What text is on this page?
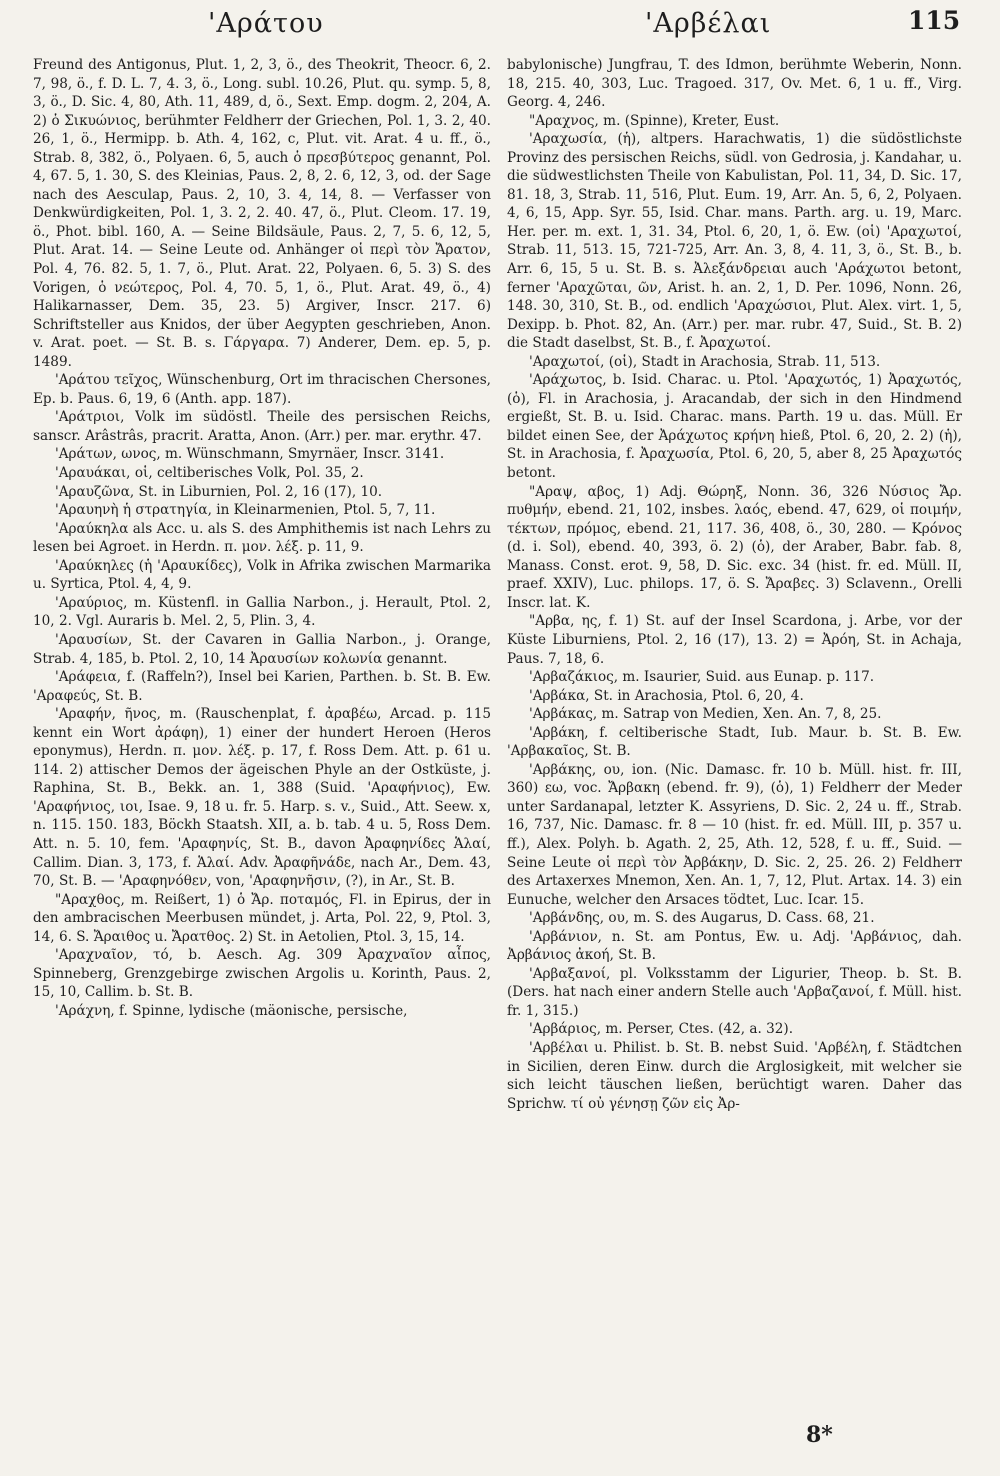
'Αράτου	'Αρβέλαι	115

Freund des Antigonus, Plut. 1, 2, 3, ö., des Theokrit, Theocr. 6, 2. 7, 98, ö., f. D. L. 7, 4. 3, ö., Long. subl. 10.26, Plut. qu. symp. 5, 8, 3, ö., D. Sic. 4, 80, Ath. 11, 489, d, ö., Sext. Emp. dogm. 2, 204, A. 2) ὁ Σικυώνιος, berühmter Feldherr der Griechen, Pol. 1, 3. 2, 40. 26, 1, ö., Hermipp. b. Ath. 4, 162, c, Plut. vit. Arat. 4 u. ff., ö., Strab. 8, 382, ö., Polyaen. 6, 5, auch ὁ πρεσβύτερος genannt, Pol. 4, 67. 5, 1. 30, S. des Kleinias, Paus. 2, 8, 2. 6, 12, 3, od. der Sage nach des Aesculap, Paus. 2, 10, 3. 4, 14, 8. — Verfasser von Denkwürdigkeiten, Pol. 1, 3. 2, 2. 40. 47, ö., Plut. Cleom. 17. 19, ö., Phot. bibl. 160, A. — Seine Bildsäule, Paus. 2, 7, 5. 6, 12, 5, Plut. Arat. 14. — Seine Leute od. Anhänger οἱ περὶ τὸν Ἄρατον, Pol. 4, 76. 82. 5, 1. 7, ö., Plut. Arat. 22, Polyaen. 6, 5. 3) S. des Vorigen, ὁ νεώτερος, Pol. 4, 70. 5, 1, ö., Plut. Arat. 49, ö., 4) Halikarnasser, Dem. 35, 23. 5) Argiver, Inscr. 217. 6) Schriftsteller aus Knidos, der über Aegypten geschrieben, Anon. v. Arat. poet. — St. B. s. Γάργαρα. 7) Anderer, Dem. ep. 5, p. 1489.

'Αράτου τεῖχος, Wünschenburg, Ort im thracischen Chersones, Ep. b. Paus. 6, 19, 6 (Anth. app. 187).

'Αράτριοι, Volk im südöstl. Theile des persischen Reichs, sanscr. Arâstrâs, pracrit. Aratta, Anon. (Arr.) per. mar. erythr. 47.

'Αράτων, ωνος, m. Wünschmann, Smyrnäer, Inscr. 3141.

'Αραυάκαι, οἱ, celtiberisches Volk, Pol. 35, 2.

'Αραυζῶνα, St. in Liburnien, Pol. 2, 16 (17), 10.

'Αραυηνὴ ἡ στρατηγία, in Kleinarmenien, Ptol. 5, 7, 11.

'Αραύκηλα als Acc. u. als S. des Amphithemis ist nach Lehrs zu lesen bei Agroet. in Herdn. π. μον. λέξ. p. 11, 9.

'Αραύκηλες (ἡ 'Αραυκίδες), Volk in Afrika zwischen Marmarika u. Syrtica, Ptol. 4, 4, 9.

'Αραύριος, m. Küstenfl. in Gallia Narbon., j. Herault, Ptol. 2, 10, 2. Vgl. Auraris b. Mel. 2, 5, Plin. 3, 4.

'Αραυσίων, St. der Cavaren in Gallia Narbon., j. Orange, Strab. 4, 185, b. Ptol. 2, 10, 14 Ἀραυσίων κολωνία genannt.

'Αράφεια, f. (Raffeln?), Insel bei Karien, Parthen. b. St. B. Ew. 'Αραφεύς, St. B.

'Αραφήν, ῆνος, m. (Rauschenplat, f. ἀραβέω, Arcad. p. 115 kennt ein Wort ἀράφη), 1) einer der hundert Heroen (Heros eponymus), Herdn. π. μον. λέξ. p. 17, f. Ross Dem. Att. p. 61 u. 114. 2) attischer Demos der ägeischen Phyle an der Ostküste, j. Raphina, St. B., Bekk. an. 1, 388 (Suid. 'Αραφήνιος), Ew. 'Αραφήνιος, ιοι, Isae. 9, 18 u. fr. 5. Harp. s. v., Suid., Att. Seew. x, n. 115. 150. 183, Böckh Staatsh. XII, a. b. tab. 4 u. 5, Ross Dem. Att. n. 5. 10, fem. 'Αραφηνίς, St. B., davon Ἀραφηνίδες Ἁλαί, Callim. Dian. 3, 173, f. Ἁλαί. Adv. Ἀραφῆνάδε, nach Ar., Dem. 43, 70, St. B. — 'Αραφηνόθεν, von, 'Αραφηνῆσιν, (?), in Ar., St. B.

"Αραχθος, m. Reißert, 1) ὁ Ἄρ. ποταμός, Fl. in Epirus, der in den ambracischen Meerbusen mündet, j. Arta, Pol. 22, 9, Ptol. 3, 14, 6. S. Ἄραιθος u. Ἄρατθος. 2) St. in Aetolien, Ptol. 3, 15, 14.

'Αραχναῖον, τό, b. Aesch. Ag. 309 Ἀραχναῖον αἶπος, Spinneberg, Grenzgebirge zwischen Argolis u. Korinth, Paus. 2, 15, 10, Callim. b. St. B.

'Αράχνη, f. Spinne, lydische (mäonische, persische,

babylonische) Jungfrau, T. des Idmon, berühmte Weberin, Nonn. 18, 215. 40, 303, Luc. Tragoed. 317, Ov. Met. 6, 1 u. ff., Virg. Georg. 4, 246.

"Αραχνος, m. (Spinne), Kreter, Eust.

'Αραχωσία, (ἡ), altpers. Harachwatis, 1) die südöstlichste Provinz des persischen Reichs, südl. von Gedrosia, j. Kandahar, u. die südwestlichsten Theile von Kabulistan, Pol. 11, 34, D. Sic. 17, 81. 18, 3, Strab. 11, 516, Plut. Eum. 19, Arr. An. 5, 6, 2, Polyaen. 4, 6, 15, App. Syr. 55, Isid. Char. mans. Parth. arg. u. 19, Marc. Her. per. m. ext. 1, 31. 34, Ptol. 6, 20, 1, ö. Ew. (οἱ) 'Αραχωτοί, Strab. 11, 513. 15, 721-725, Arr. An. 3, 8, 4. 11, 3, ö., St. B., b. Arr. 6, 15, 5 u. St. B. s. Ἀλεξάνδρειαι auch 'Αράχωτοι betont, ferner 'Αραχῶται, ῶν, Arist. h. an. 2, 1, D. Per. 1096, Nonn. 26, 148. 30, 310, St. B., od. endlich 'Αραχώσιοι, Plut. Alex. virt. 1, 5, Dexipp. b. Phot. 82, An. (Arr.) per. mar. rubr. 47, Suid., St. B. 2) die Stadt daselbst, St. B., f. Ἀραχωτοί.

'Αραχωτοί, (οἱ), Stadt in Arachosia, Strab. 11, 513.

'Αράχωτος, b. Isid. Charac. u. Ptol. 'Αραχωτός, 1) Ἀραχωτός, (ὁ), Fl. in Arachosia, j. Aracandab, der sich in den Hindmend ergießt, St. B. u. Isid. Charac. mans. Parth. 19 u. das. Müll. Er bildet einen See, der Ἀράχωτος κρήνη hieß, Ptol. 6, 20, 2. 2) (ἡ), St. in Arachosia, f. Ἀραχωσία, Ptol. 6, 20, 5, aber 8, 25 Ἀραχωτός betont.

"Αραψ, αβος, 1) Adj. Θώρηξ, Nonn. 36, 326 Νύσιος Ἄρ. πυθμήν, ebend. 21, 102, insbes. λαός, ebend. 47, 629, οἱ ποιμήν, τέκτων, πρόμος, ebend. 21, 117. 36, 408, ö., 30, 280. — Κρόνος (d. i. Sol), ebend. 40, 393, ö. 2) (ὁ), der Araber, Babr. fab. 8, Manass. Const. erot. 9, 58, D. Sic. exc. 34 (hist. fr. ed. Müll. II, praef. XXIV), Luc. philops. 17, ö. S. Ἄραβες. 3) Sclavenn., Orelli Inscr. lat. K.

"Αρβα, ης, f. 1) St. auf der Insel Scardona, j. Arbe, vor der Küste Liburniens, Ptol. 2, 16 (17), 13. 2) = Ἀρόη, St. in Achaja, Paus. 7, 18, 6.

'Αρβαζάκιος, m. Isaurier, Suid. aus Eunap. p. 117.

'Αρβάκα, St. in Arachosia, Ptol. 6, 20, 4.

'Αρβάκας, m. Satrap von Medien, Xen. An. 7, 8, 25.

'Αρβάκη, f. celtiberische Stadt, Iub. Maur. b. St. B. Ew. 'Αρβακαῖος, St. B.

'Αρβάκης, ου, ion. (Nic. Damasc. fr. 10 b. Müll. hist. fr. III, 360) εω, voc. Ἄρβακη (ebend. fr. 9), (ὁ), 1) Feldherr der Meder unter Sardanapal, letzter K. Assyriens, D. Sic. 2, 24 u. ff., Strab. 16, 737, Nic. Damasc. fr. 8 — 10 (hist. fr. ed. Müll. III, p. 357 u. ff.), Alex. Polyh. b. Agath. 2, 25, Ath. 12, 528, f. u. ff., Suid. — Seine Leute οἱ περὶ τὸν Ἀρβάκην, D. Sic. 2, 25. 26. 2) Feldherr des Artaxerxes Mnemon, Xen. An. 1, 7, 12, Plut. Artax. 14. 3) ein Eunuche, welcher den Arsaces tödtet, Luc. Icar. 15.

'Αρβάνδης, ου, m. S. des Augarus, D. Cass. 68, 21.

'Αρβάνιον, n. St. am Pontus, Ew. u. Adj. 'Αρβάνιος, dah. Ἀρβάνιος ἀκοή, St. B.

'Αρβαξανοί, pl. Volksstamm der Ligurier, Theop. b. St. B. (Ders. hat nach einer andern Stelle auch 'Αρβαζανοί, f. Müll. hist. fr. 1, 315.)

'Αρβάριος, m. Perser, Ctes. (42, a. 32).

'Αρβέλαι u. Philist. b. St. B. nebst Suid. 'Αρβέλη, f. Städtchen in Sicilien, deren Einw. durch die Arglosigkeit, mit welcher sie sich leicht täuschen ließen, berüchtigt waren. Daher das Sprichw. τί οὐ γένησῃ ζῶν εἰς Ἀρ-

8*
